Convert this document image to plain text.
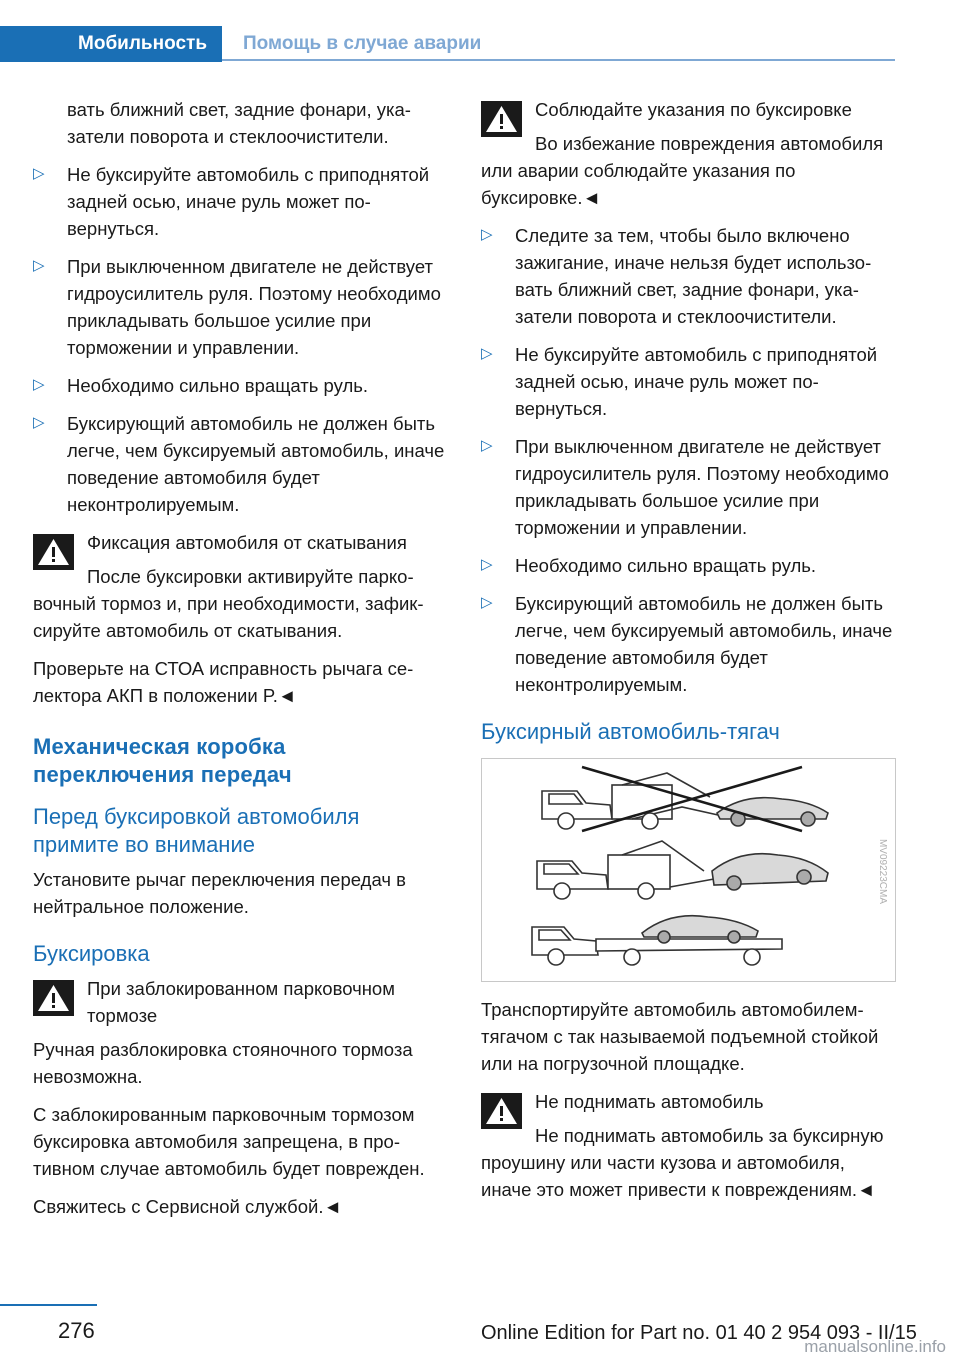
Мобильность Помощь в случае аварии

вать ближний свет, задние фонари, указатели поворота и стеклоочистители.

▷ Не буксируйте автомобиль с приподнятой задней осью, иначе руль может повернуться.
▷ При выключенном двигателе не действует гидроусилитель руля. Поэтому необходимо прикладывать большое усилие при торможении и управлении.
▷ Необходимо сильно вращать руль.
▷ Буксирующий автомобиль не должен быть легче, чем буксируемый автомобиль, иначе поведение автомобиля будет неконтролируемым.

Фиксация автомобиля от скатывания

После буксировки активируйте парковочный тормоз и, при необходимости, зафиксируйте автомобиль от скатывания.

Проверьте на СТОА исправность рычага селектора АКП в положении P.◄

Механическая коробка переключения передач
Перед буксировкой автомобиля примите во внимание

Установите рычаг переключения передач в нейтральное положение.

Буксировка

При заблокированном парковочном тормозе

Ручная разблокировка стояночного тормоза невозможна.

С заблокированным парковочным тормозом буксировка автомобиля запрещена, в противном случае автомобиль будет поврежден.

Свяжитесь с Сервисной службой.◄

Соблюдайте указания по буксировке

Во избежание повреждения автомобиля или аварии соблюдайте указания по буксировке.◄

▷ Следите за тем, чтобы было включено зажигание, иначе нельзя будет использовать ближний свет, задние фонари, указатели поворота и стеклоочистители.
▷ Не буксируйте автомобиль с приподнятой задней осью, иначе руль может повернуться.
▷ При выключенном двигателе не действует гидроусилитель руля. Поэтому необходимо прикладывать большое усилие при торможении и управлении.
▷ Необходимо сильно вращать руль.
▷ Буксирующий автомобиль не должен быть легче, чем буксируемый автомобиль, иначе поведение автомобиля будет неконтролируемым.
Буксирный автомобиль-тягач
MV09223CMA

Транспортируйте автомобиль автомобилем-тягачом с так называемой подъемной стойкой или на погрузочной площадке.

Не поднимать автомобиль

Не поднимать автомобиль за буксирную проушину или части кузова и автомобиля, иначе это может привести к повреждениям.◄

276	Online Edition for Part no. 01 40 2 954 093 - II/15
manualsonline.info
